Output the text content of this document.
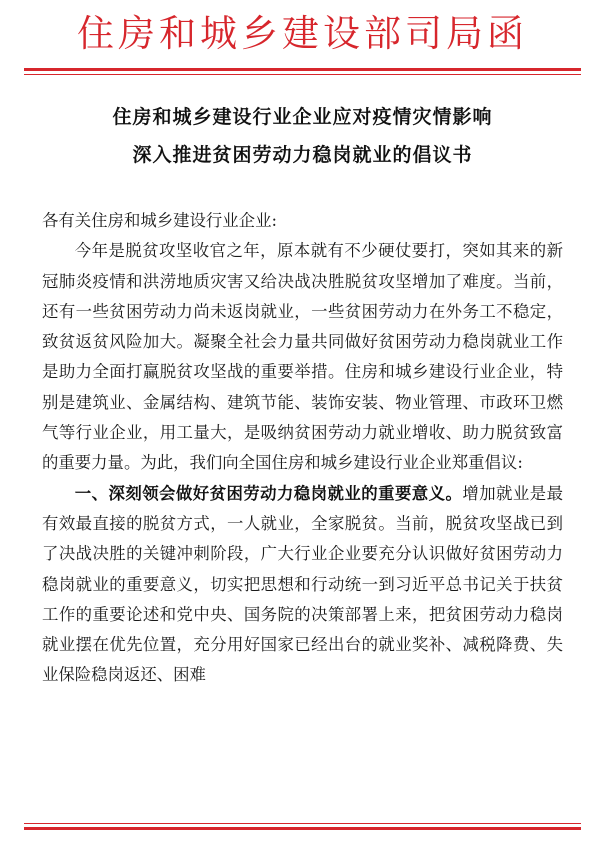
住房和城乡建设部司局函
住房和城乡建设行业企业应对疫情灾情影响
深入推进贫困劳动力稳岗就业的倡议书

各有关住房和城乡建设行业企业:

今年是脱贫攻坚收官之年，原本就有不少硬仗要打，突如其来的新冠肺炎疫情和洪涝地质灾害又给决战决胜脱贫攻坚增加了难度。当前，还有一些贫困劳动力尚未返岗就业，一些贫困劳动力在外务工不稳定，致贫返贫风险加大。凝聚全社会力量共同做好贫困劳动力稳岗就业工作是助力全面打赢脱贫攻坚战的重要举措。住房和城乡建设行业企业，特别是建筑业、金属结构、建筑节能、装饰安装、物业管理、市政环卫燃气等行业企业，用工量大，是吸纳贫困劳动力就业增收、助力脱贫致富的重要力量。为此，我们向全国住房和城乡建设行业企业郑重倡议:

一、深刻领会做好贫困劳动力稳岗就业的重要意义。增加就业是最有效最直接的脱贫方式，一人就业，全家脱贫。当前，脱贫攻坚战已到了决战决胜的关键冲刺阶段，广大行业企业要充分认识做好贫困劳动力稳岗就业的重要意义，切实把思想和行动统一到习近平总书记关于扶贫工作的重要论述和党中央、国务院的决策部署上来，把贫困劳动力稳岗就业摆在优先位置，充分用好国家已经出台的就业奖补、减税降费、失业保险稳岗返还、困难
